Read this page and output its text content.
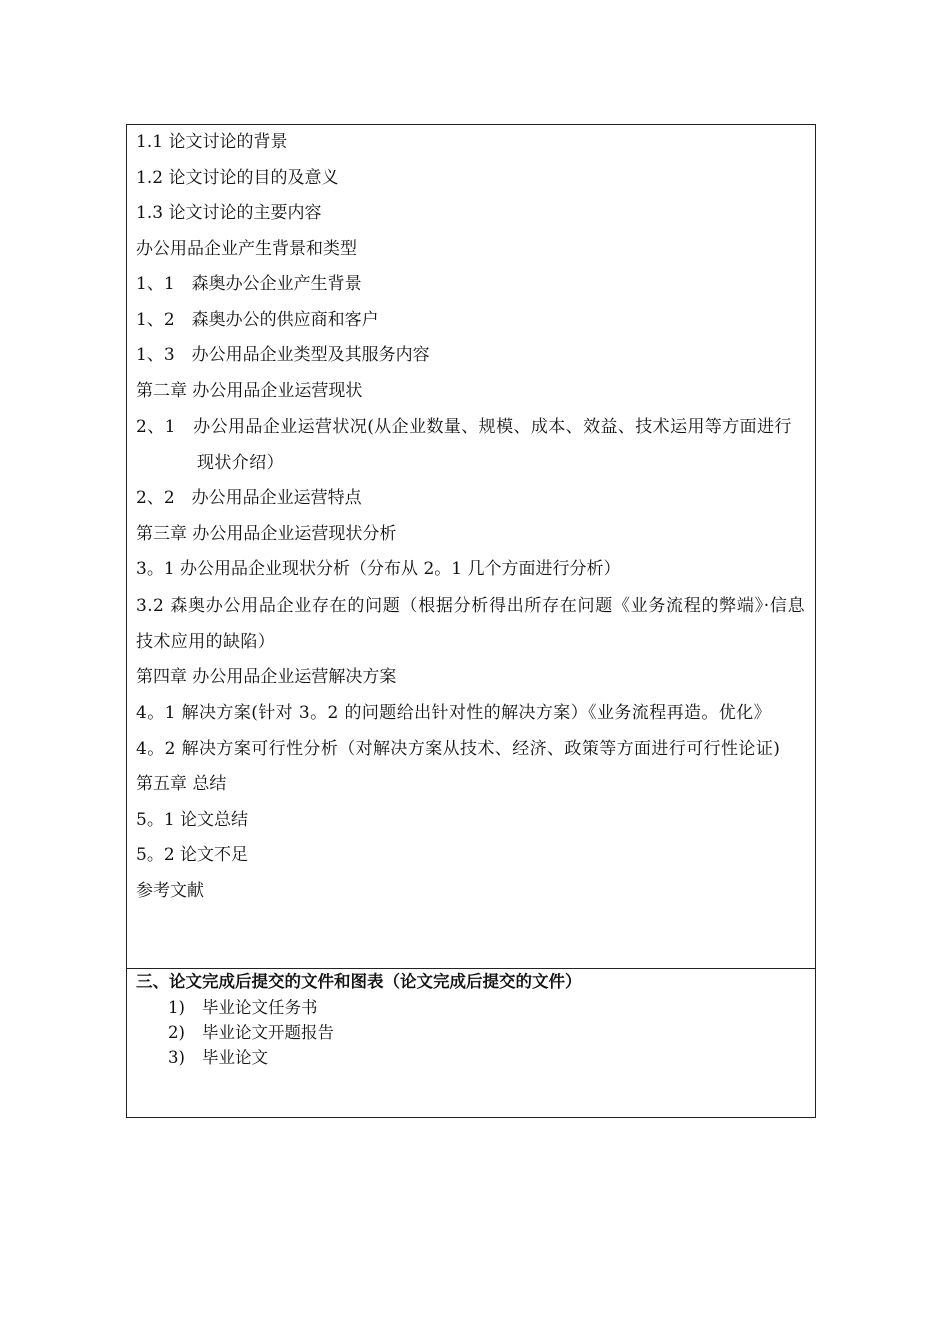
1.1 论文讨论的背景
1.2 论文讨论的目的及意义
1.3 论文讨论的主要内容
办公用品企业产生背景和类型
1、1　森奥办公企业产生背景
1、2　森奥办公的供应商和客户
1、3　办公用品企业类型及其服务内容
第二章 办公用品企业运营现状
2、1　办公用品企业运营状况(从企业数量、规模、成本、效益、技术运用等方面进行现状介绍）
2、2　办公用品企业运营特点
第三章 办公用品企业运营现状分析
3。1 办公用品企业现状分析（分布从 2。1 几个方面进行分析）
3.2 森奥办公用品企业存在的问题（根据分析得出所存在问题《业务流程的弊端》·信息技术应用的缺陷）
第四章 办公用品企业运营解决方案
4。1 解决方案(针对 3。2 的问题给出针对性的解决方案）《业务流程再造。优化》
4。2 解决方案可行性分析（对解决方案从技术、经济、政策等方面进行可行性论证)
第五章 总结
5。1 论文总结
5。2 论文不足
参考文献
三、论文完成后提交的文件和图表（论文完成后提交的文件）
1) 毕业论文任务书
2) 毕业论文开题报告
3) 毕业论文
